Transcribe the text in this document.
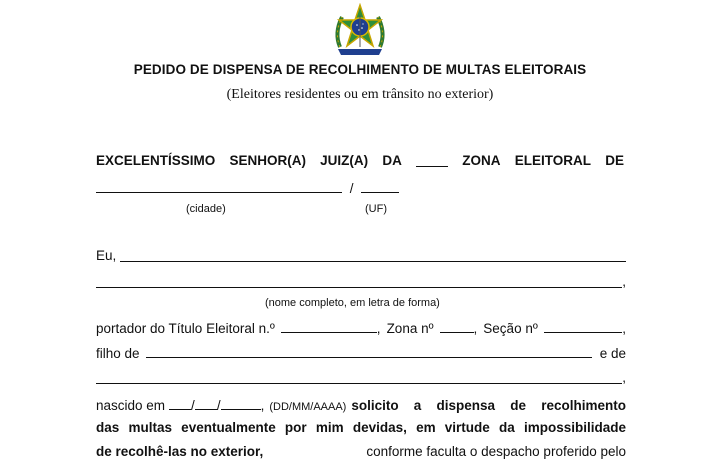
PEDIDO DE DISPENSA DE RECOLHIMENTO DE MULTAS ELEITORAIS
(Eleitores residentes ou em trânsito no exterior)
EXCELENTÍSSIMO SENHOR(A) JUIZ(A) DA	ZONA ELEITORAL DE
/
(cidade)	(UF)
Eu,
,
(nome completo, em letra de forma)
portador do Título Eleitoral n.º	, Zona nº	, Seção nº	,
filho de	e de
,
nascido em / /	, (DD/MM/AAAA) solicito a dispensa de recolhimento
das multas eventualmente por mim devidas, em virtude da impossibilidade
de recolhê-las no exterior,	conforme faculta o despacho proferido pelo
